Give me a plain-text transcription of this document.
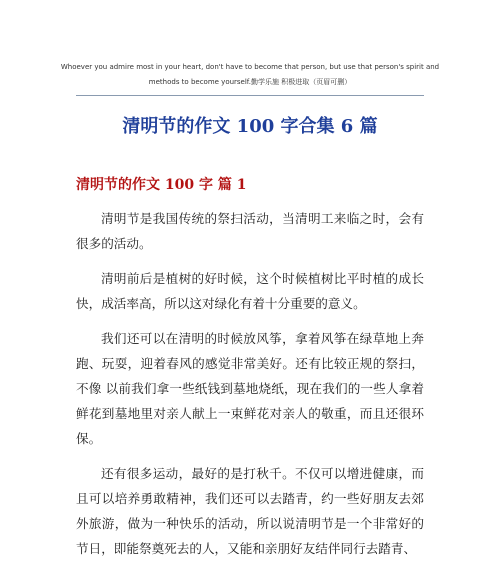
Whoever you admire most in your heart, don't have to become that person, but use that person's spirit and
methods to become yourself.勤学乐施 积极进取（页眉可删）
清明节的作文 100 字合集 6 篇
清明节的作文 100 字 篇 1

清明节是我国传统的祭扫活动，当清明工来临之时，会有很多的活动。

清明前后是植树的好时候，这个时候植树比平时植的成长快，成活率高，所以这对绿化有着十分重要的意义。

我们还可以在清明的时候放风筝，拿着风筝在绿草地上奔跑、玩耍，迎着春风的感觉非常美好。还有比较正规的祭扫，不像 以前我们拿一些纸钱到墓地烧纸，现在我们的一些人拿着鲜花到墓地里对亲人献上一束鲜花对亲人的敬重，而且还很环保。

还有很多运动，最好的是打秋千。不仅可以增进健康，而且可以培养勇敢精神，我们还可以去踏青，约一些好朋友去郊外旅游，做为一种快乐的活动，所以说清明节是一个非常好的节日，即能祭奠死去的人，又能和亲朋好友结伴同行去踏青、
